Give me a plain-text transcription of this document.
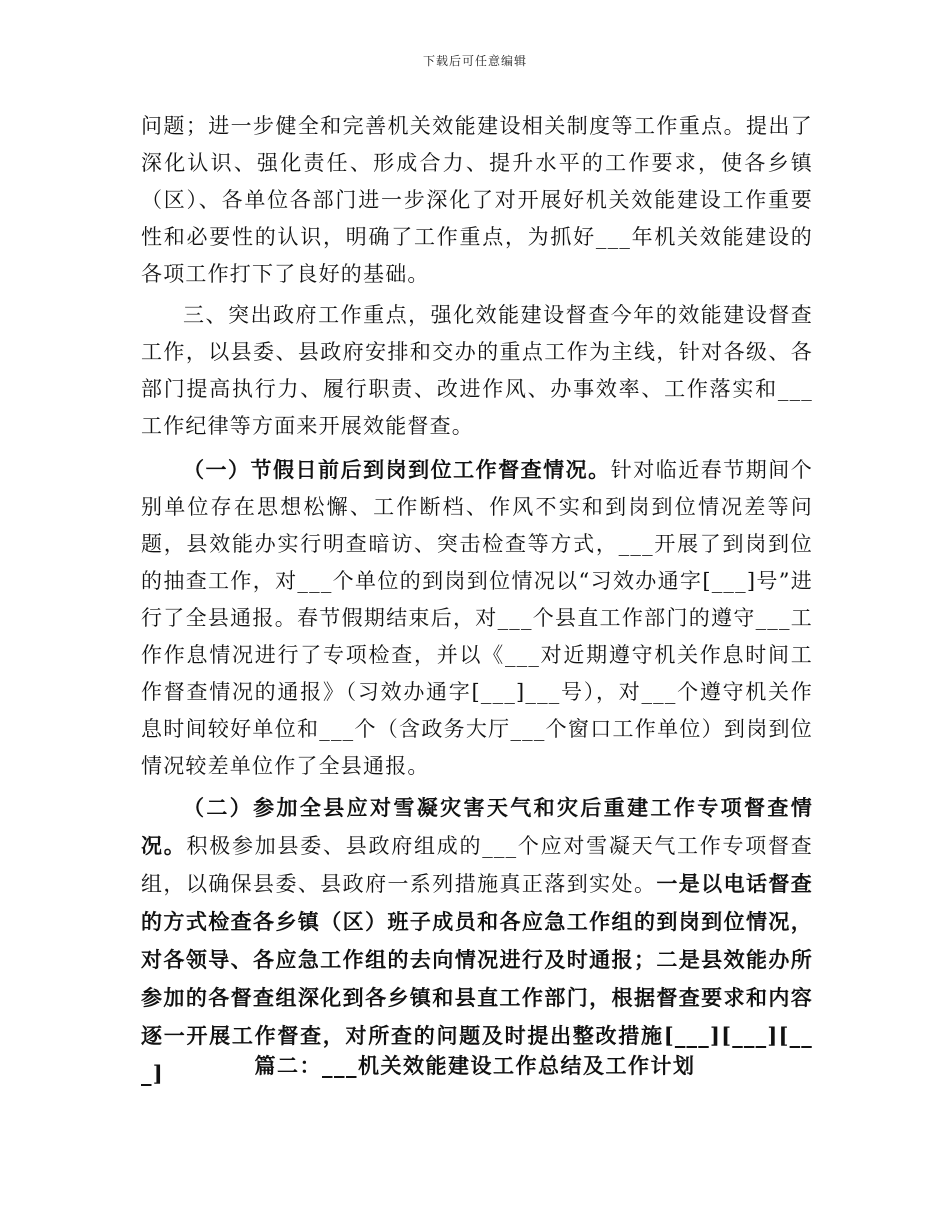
下载后可任意编辑

问题；进一步健全和完善机关效能建设相关制度等工作重点。提出了深化认识、强化责任、形成合力、提升水平的工作要求，使各乡镇（区）、各单位各部门进一步深化了对开展好机关效能建设工作重要性和必要性的认识，明确了工作重点，为抓好___年机关效能建设的各项工作打下了良好的基础。

三、突出政府工作重点，强化效能建设督查今年的效能建设督查工作，以县委、县政府安排和交办的重点工作为主线，针对各级、各部门提高执行力、履行职责、改进作风、办事效率、工作落实和___工作纪律等方面来开展效能督查。

（一）节假日前后到岗到位工作督查情况。针对临近春节期间个别单位存在思想松懈、工作断档、作风不实和到岗到位情况差等问题，县效能办实行明查暗访、突击检查等方式，___开展了到岗到位的抽查工作，对___个单位的到岗到位情况以“习效办通字[___]号”进行了全县通报。春节假期结束后，对___个县直工作部门的遵守___工作作息情况进行了专项检查，并以《___对近期遵守机关作息时间工作督查情况的通报》（习效办通字[___]___号），对___个遵守机关作息时间较好单位和___个（含政务大厅___个窗口工作单位）到岗到位情况较差单位作了全县通报。

（二）参加全县应对雪凝灾害天气和灾后重建工作专项督查情况。积极参加县委、县政府组成的___个应对雪凝天气工作专项督查组，以确保县委、县政府一系列措施真正落到实处。一是以电话督查的方式检查各乡镇（区）班子成员和各应急工作组的到岗到位情况，对各领导、各应急工作组的去向情况进行及时通报；二是县效能办所参加的各督查组深化到各乡镇和县直工作部门，根据督查要求和内容逐一开展工作督查，对所查的问题及时提出整改措施[___][___][___]	篇二：___机关效能建设工作总结及工作计划
